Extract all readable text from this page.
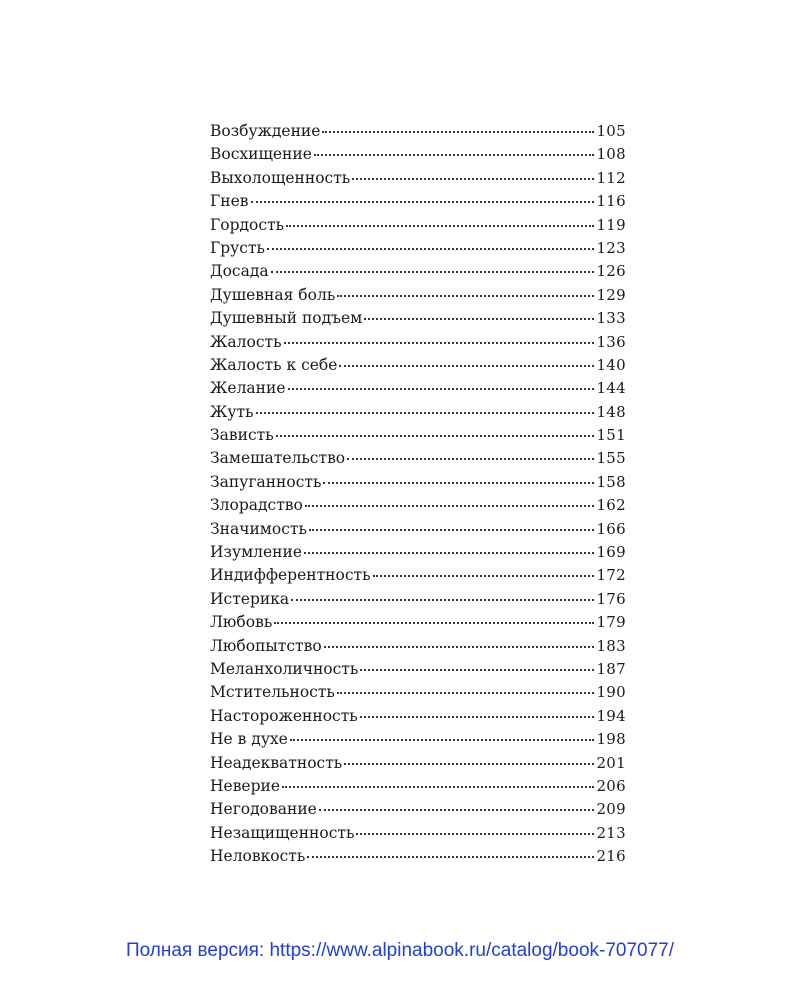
Возбуждение	105
Восхищение	108
Выхолощенность	112
Гнев	116
Гордость	119
Грусть	123
Досада	126
Душевная боль	129
Душевный подъем	133
Жалость	136
Жалость к себе	140
Желание	144
Жуть	148
Зависть	151
Замешательство	155
Запуганность	158
Злорадство	162
Значимость	166
Изумление	169
Индифферентность	172
Истерика	176
Любовь	179
Любопытство	183
Меланхоличность	187
Мстительность	190
Настороженность	194
Не в духе	198
Неадекватность	201
Неверие	206
Негодование	209
Незащищенность	213
Неловкость	216
Полная версия: https://www.alpinabook.ru/catalog/book-707077/
